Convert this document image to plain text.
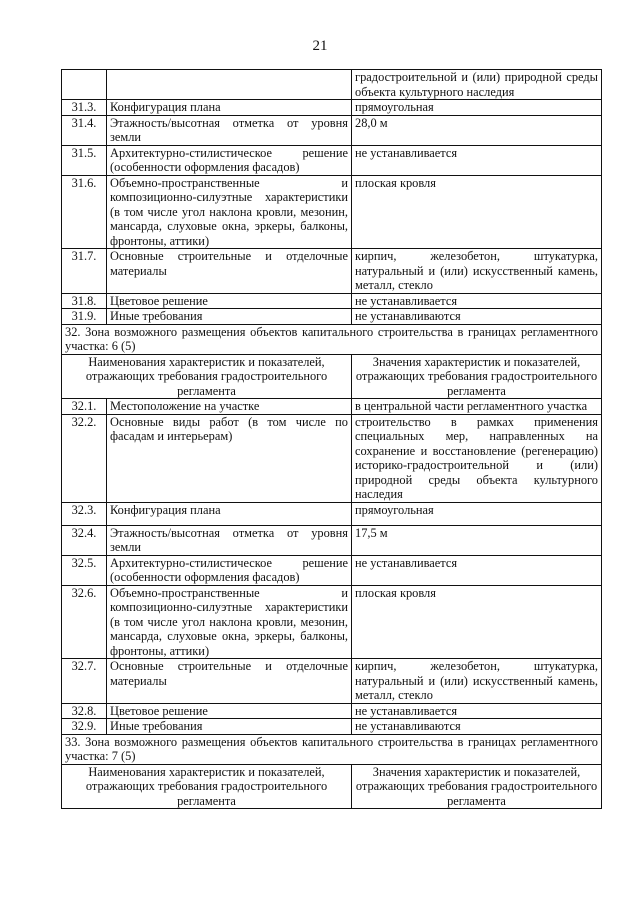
21
		градостроительной и (или) природной среды объекта культурного наследия
31.3.	Конфигурация плана	прямоугольная
31.4.	Этажность/высотная отметка от уровня земли	28,0 м
31.5.	Архитектурно-стилистическое решение (особенности оформления фасадов)	не устанавливается
31.6.	Объемно-пространственные и композиционно-силуэтные характеристики (в том числе угол наклона кровли, мезонин, мансарда, слуховые окна, эркеры, балконы, фронтоны, аттики)	плоская кровля
31.7.	Основные строительные и отделочные материалы	кирпич, железобетон, штукатурка, натуральный и (или) искусственный камень, металл, стекло
31.8.	Цветовое решение	не устанавливается
31.9.	Иные требования	не устанавливаются

32. Зона возможного размещения объектов капитального строительства в границах регламентного участка: 6 (5)		

Наименования характеристик и показателей, отражающих требования градостроительного регламента		Значения характеристик и показателей, отражающих требования градостроительного регламента
32.1.	Местоположение на участке	в центральной части регламентного участка
32.2.	Основные виды работ (в том числе по фасадам и интерьерам)	строительство в рамках применения специальных мер, направленных на сохранение и восстановление (регенерацию) историко-градостроительной и (или) природной среды объекта культурного наследия
32.3.	Конфигурация плана	прямоугольная
32.4.	Этажность/высотная отметка от уровня земли	17,5 м
32.5.	Архитектурно-стилистическое решение (особенности оформления фасадов)	не устанавливается
32.6.	Объемно-пространственные и композиционно-силуэтные характеристики (в том числе угол наклона кровли, мезонин, мансарда, слуховые окна, эркеры, балконы, фронтоны, аттики)	плоская кровля
32.7.	Основные строительные и отделочные материалы	кирпич, железобетон, штукатурка, натуральный и (или) искусственный камень, металл, стекло
32.8.	Цветовое решение	не устанавливается
32.9.	Иные требования	не устанавливаются

33. Зона возможного размещения объектов капитального строительства в границах регламентного участка: 7 (5)		

Наименования характеристик и показателей, отражающих требования градостроительного регламента		Значения характеристик и показателей, отражающих требования градостроительного регламента
